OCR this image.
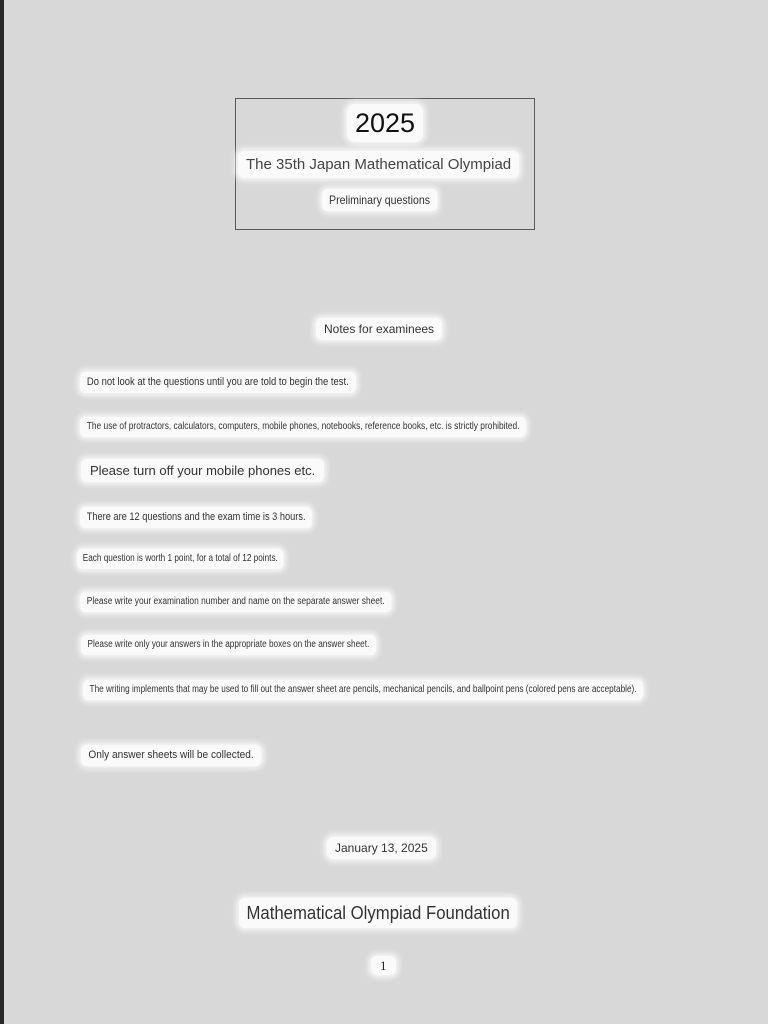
2025
The 35th Japan Mathematical Olympiad
Preliminary questions
Notes for examinees
Do not look at the questions until you are told to begin the test.
The use of protractors, calculators, computers, mobile phones, notebooks, reference books, etc. is strictly prohibited.
Please turn off your mobile phones etc.
There are 12 questions and the exam time is 3 hours.
Each question is worth 1 point, for a total of 12 points.
Please write your examination number and name on the separate answer sheet.
Please write only your answers in the appropriate boxes on the answer sheet.
The writing implements that may be used to fill out the answer sheet are pencils, mechanical pencils, and ballpoint pens (colored pens are acceptable).
Only answer sheets will be collected.
January 13, 2025
Mathematical Olympiad Foundation
1
